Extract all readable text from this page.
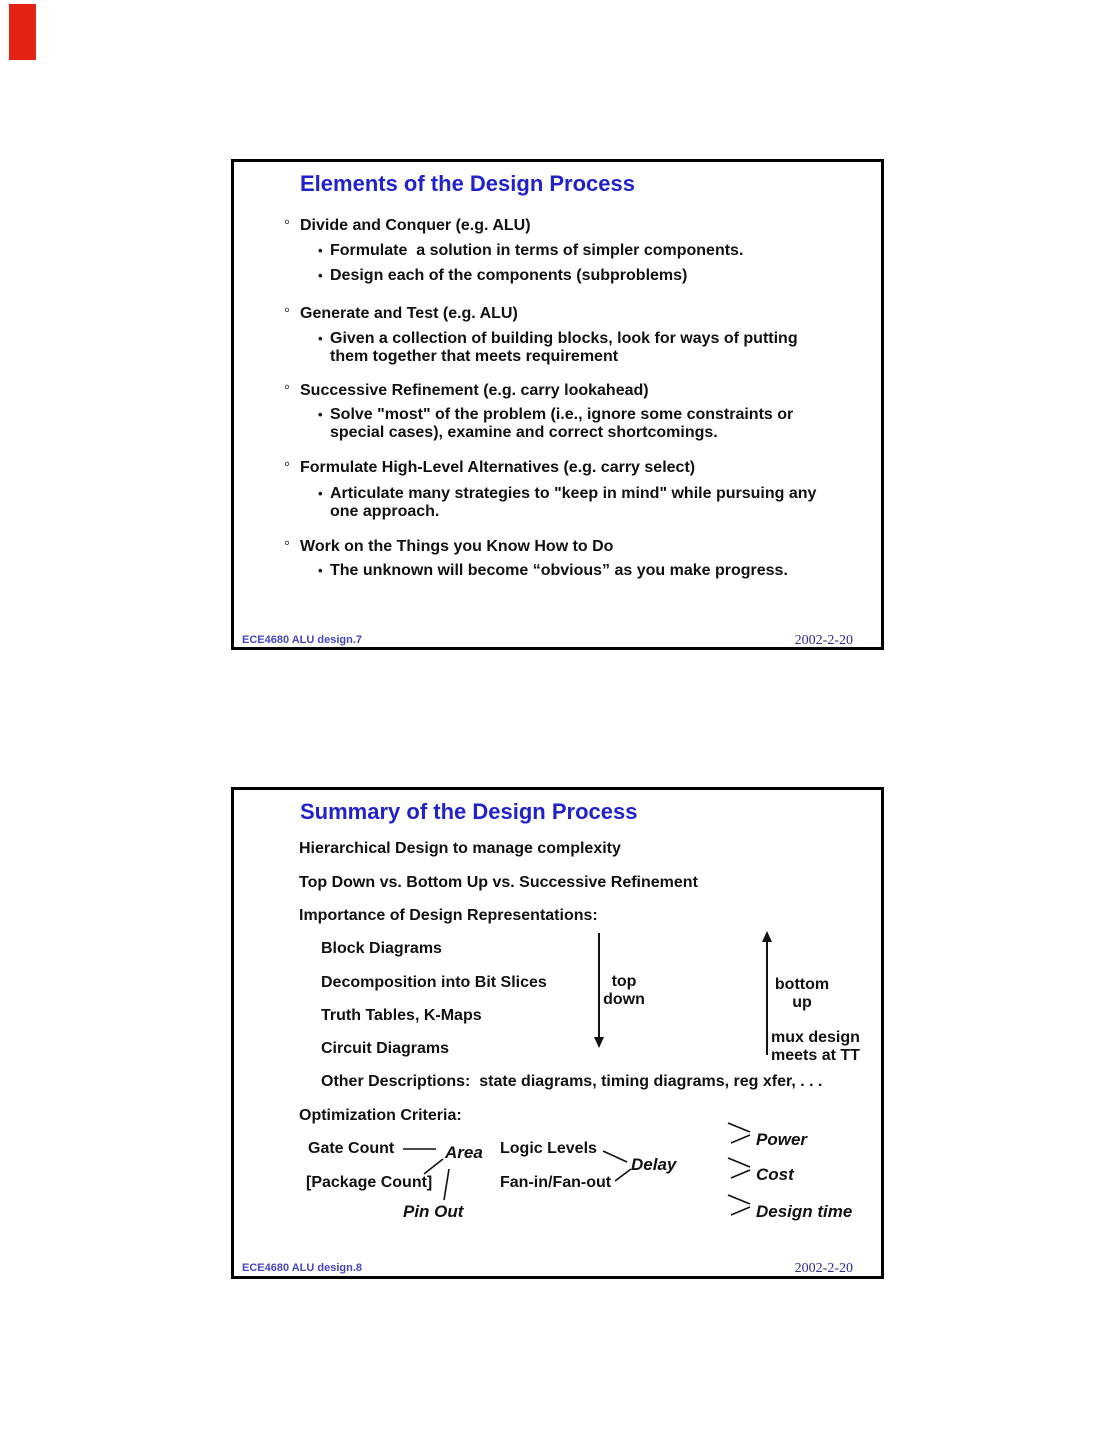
Elements of the Design Process
° Divide and Conquer (e.g. ALU)
• Formulate  a solution in terms of simpler components.
• Design each of the components (subproblems)
° Generate and Test (e.g. ALU)
• Given a collection of building blocks, look for ways of putting
them together that meets requirement
° Successive Refinement (e.g. carry lookahead)
• Solve "most" of the problem (i.e., ignore some constraints or
special cases), examine and correct shortcomings.
° Formulate High-Level Alternatives (e.g. carry select)
• Articulate many strategies to "keep in mind" while pursuing any
one approach.
° Work on the Things you Know How to Do
• The unknown will become “obvious” as you make progress.
ECE4680 ALU design.7	2002-2-20
Summary of the Design Process
Hierarchical Design to manage complexity
Top Down vs. Bottom Up vs. Successive Refinement
Importance of Design Representations:
Block Diagrams
Decomposition into Bit Slices
Truth Tables, K-Maps
Circuit Diagrams
Other Descriptions:  state diagrams, timing diagrams, reg xfer, . . .
top
down
bottom
up
mux design
meets at TT
Optimization Criteria:
Gate Count	Area
[Package Count]
Pin Out
Logic Levels
Delay
Fan-in/Fan-out
Power
Cost
Design time
ECE4680 ALU design.8	2002-2-20
